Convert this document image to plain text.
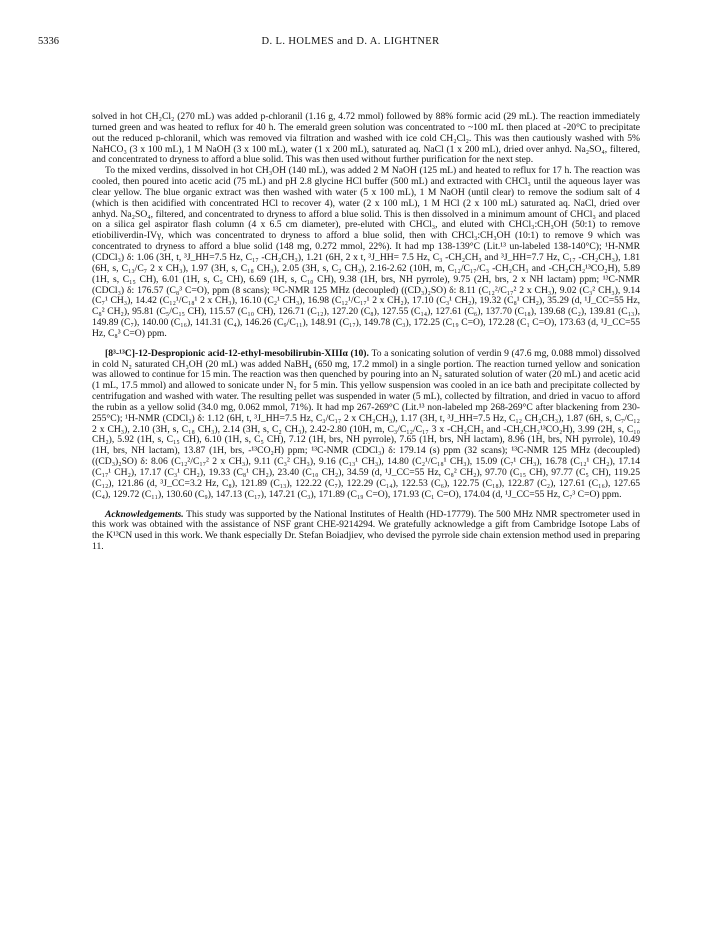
5336	D. L. HOLMES and D. A. LIGHTNER

solved in hot CH₂Cl₂ (270 mL) was added p-chloranil (1.16 g, 4.72 mmol) followed by 88% formic acid (29 mL). The reaction immediately turned green and was heated to reflux for 40 h. The emerald green solution was concentrated to ~100 mL then placed at -20°C to precipitate out the reduced p-chloranil, which was removed via filtration and washed with ice cold CH₂Cl₂. This was then cautiously washed with 5% NaHCO₃ (3 x 100 mL), 1 M NaOH (3 x 100 mL), water (1 x 200 mL), saturated aq. NaCl (1 x 200 mL), dried over anhyd. Na₂SO₄, filtered, and concentrated to dryness to afford a blue solid. This was then used without further purification for the next step.

To the mixed verdins, dissolved in hot CH₃OH (140 mL), was added 2 M NaOH (125 mL) and heated to reflux for 17 h. The reaction was cooled, then poured into acetic acid (75 mL) and pH 2.8 glycine HCl buffer (500 mL) and extracted with CHCl₃ until the aqueous layer was clear yellow. The blue organic extract was then washed with water (5 x 100 mL), 1 M NaOH (until clear) to remove the sodium salt of 4 (which is then acidified with concentrated HCl to recover 4), water (2 x 100 mL), 1 M HCl (2 x 100 mL) saturated aq. NaCl, dried over anhyd. Na₂SO₄, filtered, and concentrated to dryness to afford a blue solid. This is then dissolved in a minimum amount of CHCl₃ and placed on a silica gel aspirator flash column (4 x 6.5 cm diameter), pre-eluted with CHCl₃, and eluted with CHCl₃:CH₃OH (50:1) to remove etiobiliverdin-IVγ, which was concentrated to dryness to afford a blue solid, then with CHCl₃:CH₃OH (10:1) to remove 9 which was concentrated to dryness to afford a blue solid (148 mg, 0.272 mmol, 22%). It had mp 138-139°C (Lit.¹³ un-labeled 138-140°C); ¹H-NMR (CDCl₃) δ: 1.06 (3H, t, ³J_HH=7.5 Hz, C₁₇ -CH₂CH₃), 1.21 (6H, 2 x t, ³J_HH= 7.5 Hz, C₃ -CH₂CH₃ and ³J_HH=7.7 Hz, C₁₇ -CH₂CH₃), 1.81 (6H, s, C₁₃/C₇ 2 x CH₃), 1.97 (3H, s, C₁₈ CH₃), 2.05 (3H, s, C₂ CH₃), 2.16-2.62 (10H, m, C₁₂/C₁₇/C₃ -CH₂CH₃ and -CH₂CH₂¹³CO₂H), 5.89 (1H, s, C₁₅ CH), 6.01 (1H, s, C₅ CH), 6.69 (1H, s, C₁₀ CH), 9.38 (1H, brs, NH pyrrole), 9.75 (2H, brs, 2 x NH lactam) ppm; ¹³C-NMR (CDCl₃) δ: 176.57 (C₈³ C=O), ppm (8 scans); ¹³C-NMR 125 MHz (decoupled) ((CD₃)₂SO) δ: 8.11 (C₁₂²/C₁₇² 2 x CH₃), 9.02 (C₃² CH₃), 9.14 (C₇¹ CH₃), 14.42 (C₁₂¹/C₁₈¹ 2 x CH₃), 16.10 (C₂¹ CH₃), 16.98 (C₁₂¹/C₁₇¹ 2 x CH₂), 17.10 (C₃¹ CH₂), 19.32 (C₈¹ CH₂), 35.29 (d, ¹J_CC=55 Hz, C₈² CH₂), 95.81 (C₅/C₁₅ CH), 115.57 (C₁₀ CH), 126.71 (C₁₂), 127.20 (C₈), 127.55 (C₁₄), 127.61 (C₆), 137.70 (C₁₈), 139.68 (C₂), 139.81 (C₁₃), 149.89 (C₇), 140.00 (C₁₆), 141.31 (C₄), 146.26 (C₉/C₁₁), 148.91 (C₁₇), 149.78 (C₃), 172.25 (C₁₉ C=O), 172.28 (C₁ C=O), 173.63 (d, ¹J_CC=55 Hz, C₈³ C=O) ppm.

[8³-¹³C]-12-Despropionic acid-12-ethyl-mesobilirubin-XIIIα (10). To a sonicating solution of verdin 9 (47.6 mg, 0.088 mmol) dissolved in cold N₂ saturated CH₃OH (20 mL) was added NaBH₄ (650 mg, 17.2 mmol) in a single portion. The reaction turned yellow and sonication was allowed to continue for 15 min. The reaction was then quenched by pouring into an N₂ saturated solution of water (20 mL) and acetic acid (1 mL, 17.5 mmol) and allowed to sonicate under N₂ for 5 min. This yellow suspension was cooled in an ice bath and precipitate collected by centrifugation and washed with water. The resulting pellet was suspended in water (5 mL), collected by filtration, and dried in vacuo to afford the rubin as a yellow solid (34.0 mg, 0.062 mmol, 71%). It had mp 267-269°C (Lit.¹³ non-labeled mp 268-269°C after blackening from 230-255°C); ¹H-NMR (CDCl₃) δ: 1.12 (6H, t, ³J_HH=7.5 Hz, C₃/C₁₇ 2 x CH₂CH₃), 1.17 (3H, t, ³J_HH=7.5 Hz, C₁₂ CH₂CH₃), 1.87 (6H, s, C₇/C₁₂ 2 x CH₃), 2.10 (3H, s, C₁₈ CH₃), 2.14 (3H, s, C₂ CH₃), 2.42-2.80 (10H, m, C₃/C₁₂/C₁₇ 3 x -CH₂CH₃ and -CH₂CH₂¹³CO₂H), 3.99 (2H, s, C₁₀ CH₂), 5.92 (1H, s, C₁₅ CH), 6.10 (1H, s, C₅ CH), 7.12 (1H, brs, NH pyrrole), 7.65 (1H, brs, NH lactam), 8.96 (1H, brs, NH pyrrole), 10.49 (1H, brs, NH lactam), 13.87 (1H, brs, -¹³CO₂H) ppm; ¹³C-NMR (CDCl₃) δ: 179.14 (s) ppm (32 scans); ¹³C-NMR 125 MHz (decoupled) ((CD₃)₂SO) δ: 8.06 (C₁₂²/C₁₇² 2 x CH₃), 9.11 (C₃² CH₃), 9.16 (C₁₃¹ CH₃), 14.80 (C₂¹/C₁₈¹ CH₃), 15.09 (C₇¹ CH₃), 16.78 (C₁₂¹ CH₂), 17.14 (C₁₇¹ CH₂), 17.17 (C₃¹ CH₂), 19.33 (C₈¹ CH₂), 23.40 (C₁₀ CH₂), 34.59 (d, ¹J_CC=55 Hz, C₈² CH₂), 97.70 (C₁₅ CH), 97.77 (C₅ CH), 119.25 (C₁₂), 121.86 (d, ³J_CC=3.2 Hz, C₈), 121.89 (C₁₃), 122.22 (C₇), 122.29 (C₁₄), 122.53 (C₆), 122.75 (C₁₈), 122.87 (C₂), 127.61 (C₁₆), 127.65 (C₄), 129.72 (C₁₁), 130.60 (C₉), 147.13 (C₁₇), 147.21 (C₃), 171.89 (C₁₉ C=O), 171.93 (C₁ C=O), 174.04 (d, ¹J_CC=55 Hz, C₇³ C=O) ppm.

Acknowledgements. This study was supported by the National Institutes of Health (HD-17779). The 500 MHz NMR spectrometer used in this work was obtained with the assistance of NSF grant CHE-9214294. We gratefully acknowledge a gift from Cambridge Isotope Labs of the K¹³CN used in this work. We thank especially Dr. Stefan Boiadjiev, who devised the pyrrole side chain extension method used in preparing 11.
